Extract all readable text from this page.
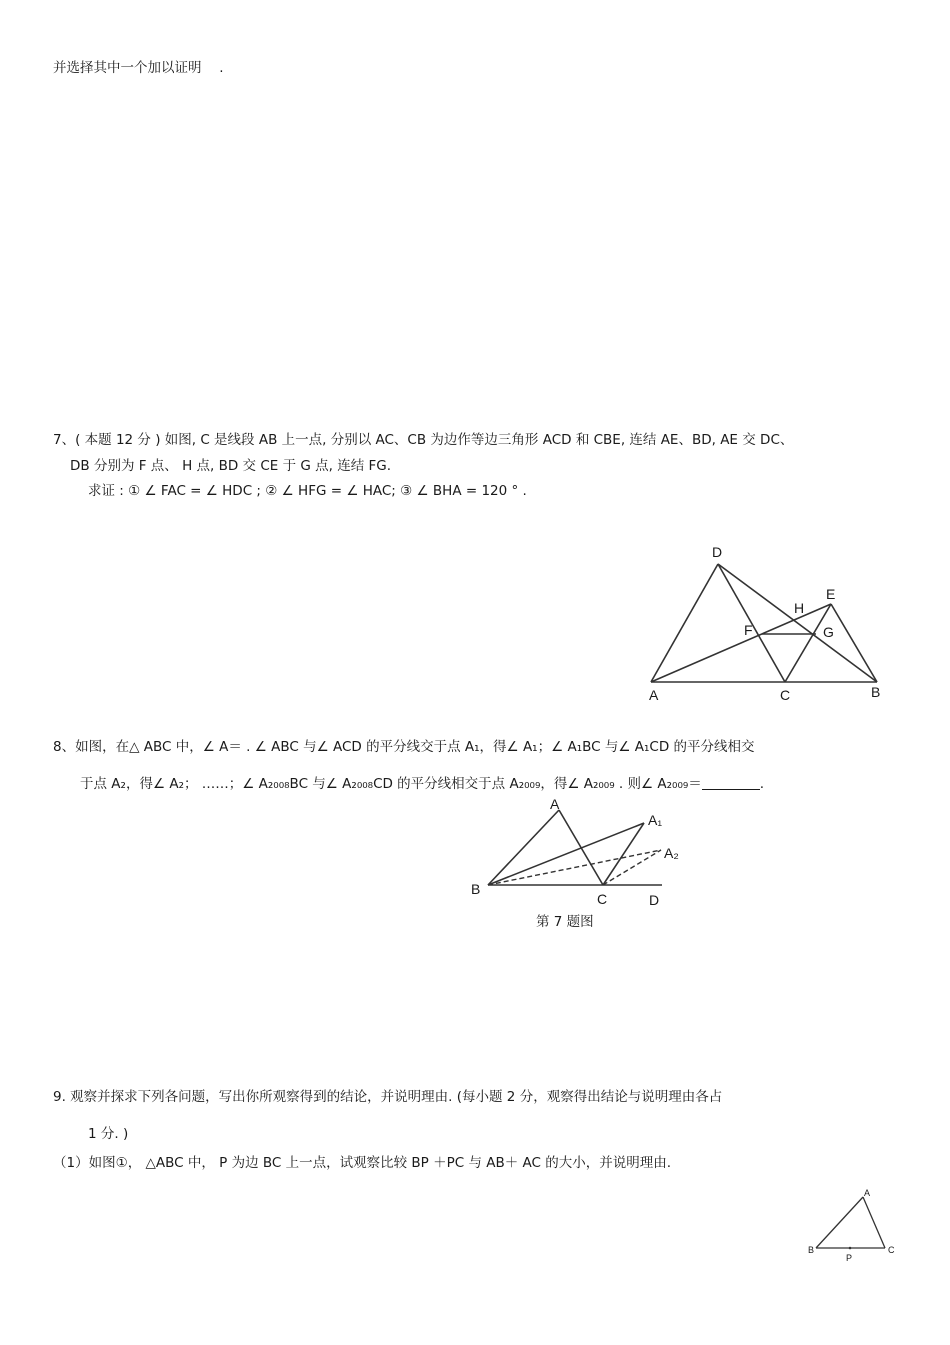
并选择其中一个加以证明　 .
7、( 本题 12 分 ) 如图, C 是线段 AB 上一点, 分别以 AC、CB 为边作等边三角形 ACD 和 CBE, 连结 AE、BD, AE 交 DC、
DB 分别为 F 点、 H 点, BD 交 CE 于 G 点, 连结 FG.
求证 : ① ∠ FAC = ∠ HDC ; ② ∠ HFG = ∠ HAC; ③ ∠ BHA = 120 ° .
D
E
H
F	G
A	C	B
8、如图，在△ ABC 中，∠ A＝ . ∠ ABC 与∠ ACD 的平分线交于点 A₁，得∠ A₁；∠ A₁BC 与∠ A₁CD 的平分线相交
于点 A₂，得∠ A₂； ……；∠ A₂₀₀₈BC 与∠ A₂₀₀₈CD 的平分线相交于点 A₂₀₀₉，得∠ A₂₀₀₉ . 则∠ A₂₀₀₉＝	.
A
A₁
A₂
B
C	D
第 7 题图
9. 观察并探求下列各问题，写出你所观察得到的结论，并说明理由. (每小题 2 分，观察得出结论与说明理由各占
1 分. )
（1）如图①， △ABC 中， P 为边 BC 上一点，试观察比较 BP ＋PC 与 AB＋ AC 的大小，并说明理由.
A
B	C
P
